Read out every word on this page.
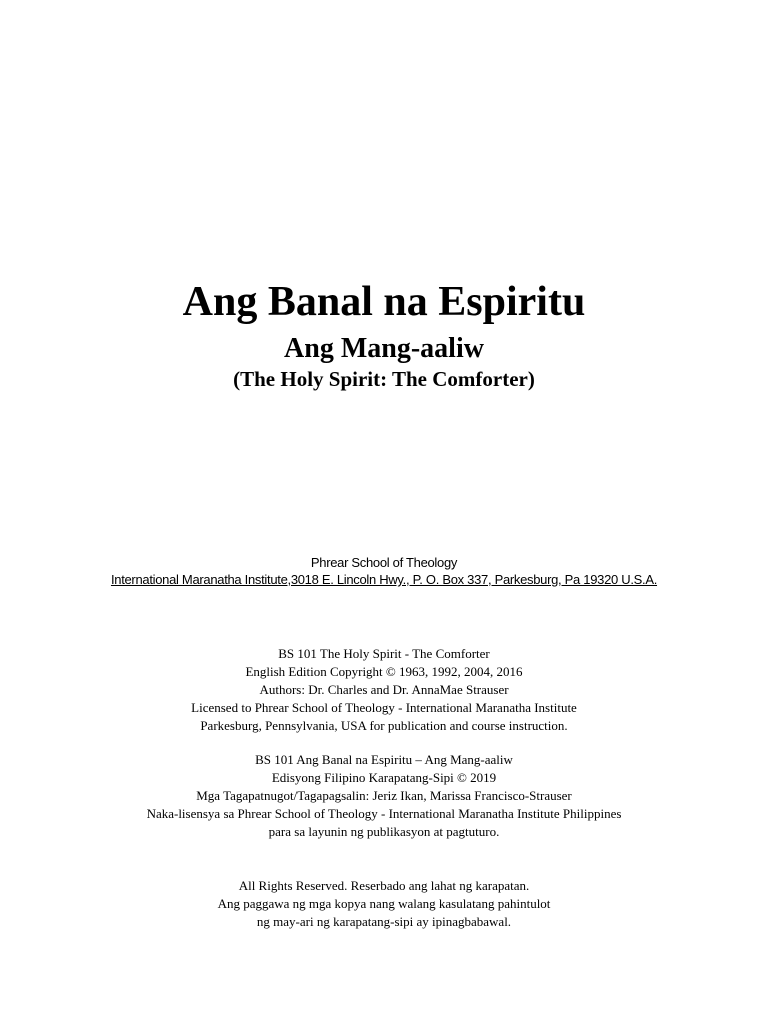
Ang Banal na Espiritu
Ang Mang-aaliw
(The Holy Spirit: The Comforter)
Phrear School of Theology
International Maranatha Institute,3018 E. Lincoln Hwy., P. O. Box 337, Parkesburg, Pa 19320 U.S.A.
BS 101 The Holy Spirit - The Comforter
English Edition Copyright © 1963, 1992, 2004, 2016
Authors: Dr. Charles and Dr. AnnaMae Strauser
Licensed to Phrear School of Theology - International Maranatha Institute
Parkesburg, Pennsylvania, USA for publication and course instruction.
BS 101 Ang Banal na Espiritu – Ang Mang-aaliw
Edisyong Filipino Karapatang-Sipi © 2019
Mga Tagapatnugot/Tagapagsalin: Jeriz Ikan, Marissa Francisco-Strauser
Naka-lisensya sa Phrear School of Theology - International Maranatha Institute Philippines
para sa layunin ng publikasyon at pagtuturo.
All Rights Reserved. Reserbado ang lahat ng karapatan.
Ang paggawa ng mga kopya nang walang kasulatang pahintulot
ng may-ari ng karapatang-sipi ay ipinagbabawal.
